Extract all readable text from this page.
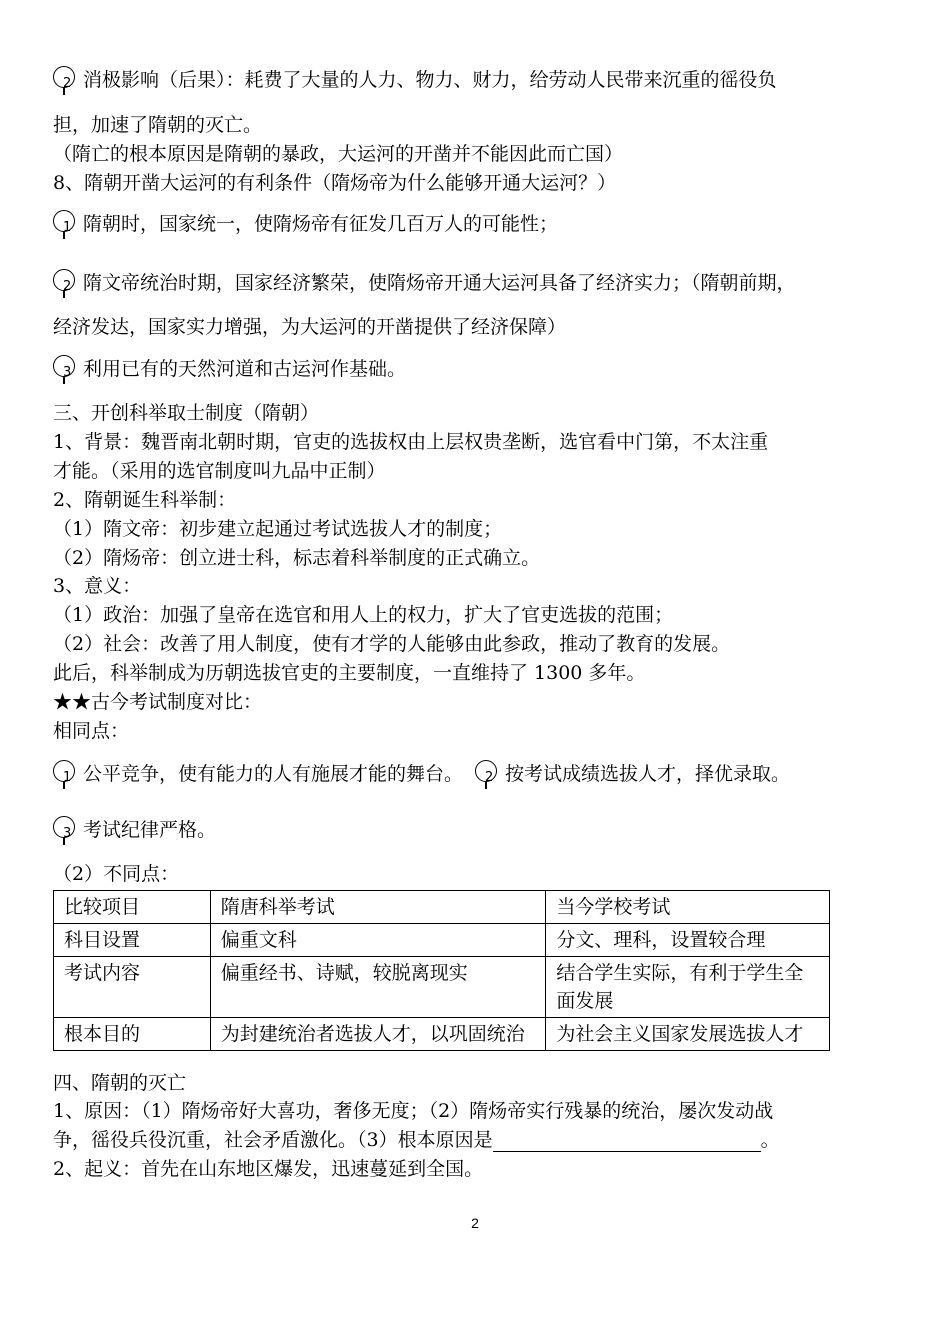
2 消极影响（后果）：耗费了大量的人力、物力、财力，给劳动人民带来沉重的徭役负
担，加速了隋朝的灭亡。
（隋亡的根本原因是隋朝的暴政，大运河的开凿并不能因此而亡国）
8、隋朝开凿大运河的有利条件（隋炀帝为什么能够开通大运河？）
1 隋朝时，国家统一，使隋炀帝有征发几百万人的可能性；
2 隋文帝统治时期，国家经济繁荣，使隋炀帝开通大运河具备了经济实力；（隋朝前期，
经济发达，国家实力增强，为大运河的开凿提供了经济保障）
3 利用已有的天然河道和古运河作基础。
三、开创科举取士制度（隋朝）
1、背景：魏晋南北朝时期，官吏的选拔权由上层权贵垄断，选官看中门第，不太注重
才能。（采用的选官制度叫九品中正制）
2、隋朝诞生科举制：
（1）隋文帝：初步建立起通过考试选拔人才的制度；
（2）隋炀帝：创立进士科，标志着科举制度的正式确立。
3、意义：
（1）政治：加强了皇帝在选官和用人上的权力，扩大了官吏选拔的范围；
（2）社会：改善了用人制度，使有才学的人能够由此参政，推动了教育的发展。
此后，科举制成为历朝选拔官吏的主要制度，一直维持了 1300 多年。
★★古今考试制度对比：
相同点：
1 公平竞争，使有能力的人有施展才能的舞台。 2 按考试成绩选拔人才，择优录取。
3 考试纪律严格。
（2）不同点：
比较项目	隋唐科举考试	当今学校考试
科目设置	偏重文科	分文、理科，设置较合理
考试内容	偏重经书、诗赋，较脱离现实	结合学生实际，有利于学生全面发展
根本目的	为封建统治者选拔人才，以巩固统治	为社会主义国家发展选拔人才
四、隋朝的灭亡
1、原因：（1）隋炀帝好大喜功，奢侈无度；（2）隋炀帝实行残暴的统治，屡次发动战
争，徭役兵役沉重，社会矛盾激化。（3）根本原因是	。
2、起义：首先在山东地区爆发，迅速蔓延到全国。
2
